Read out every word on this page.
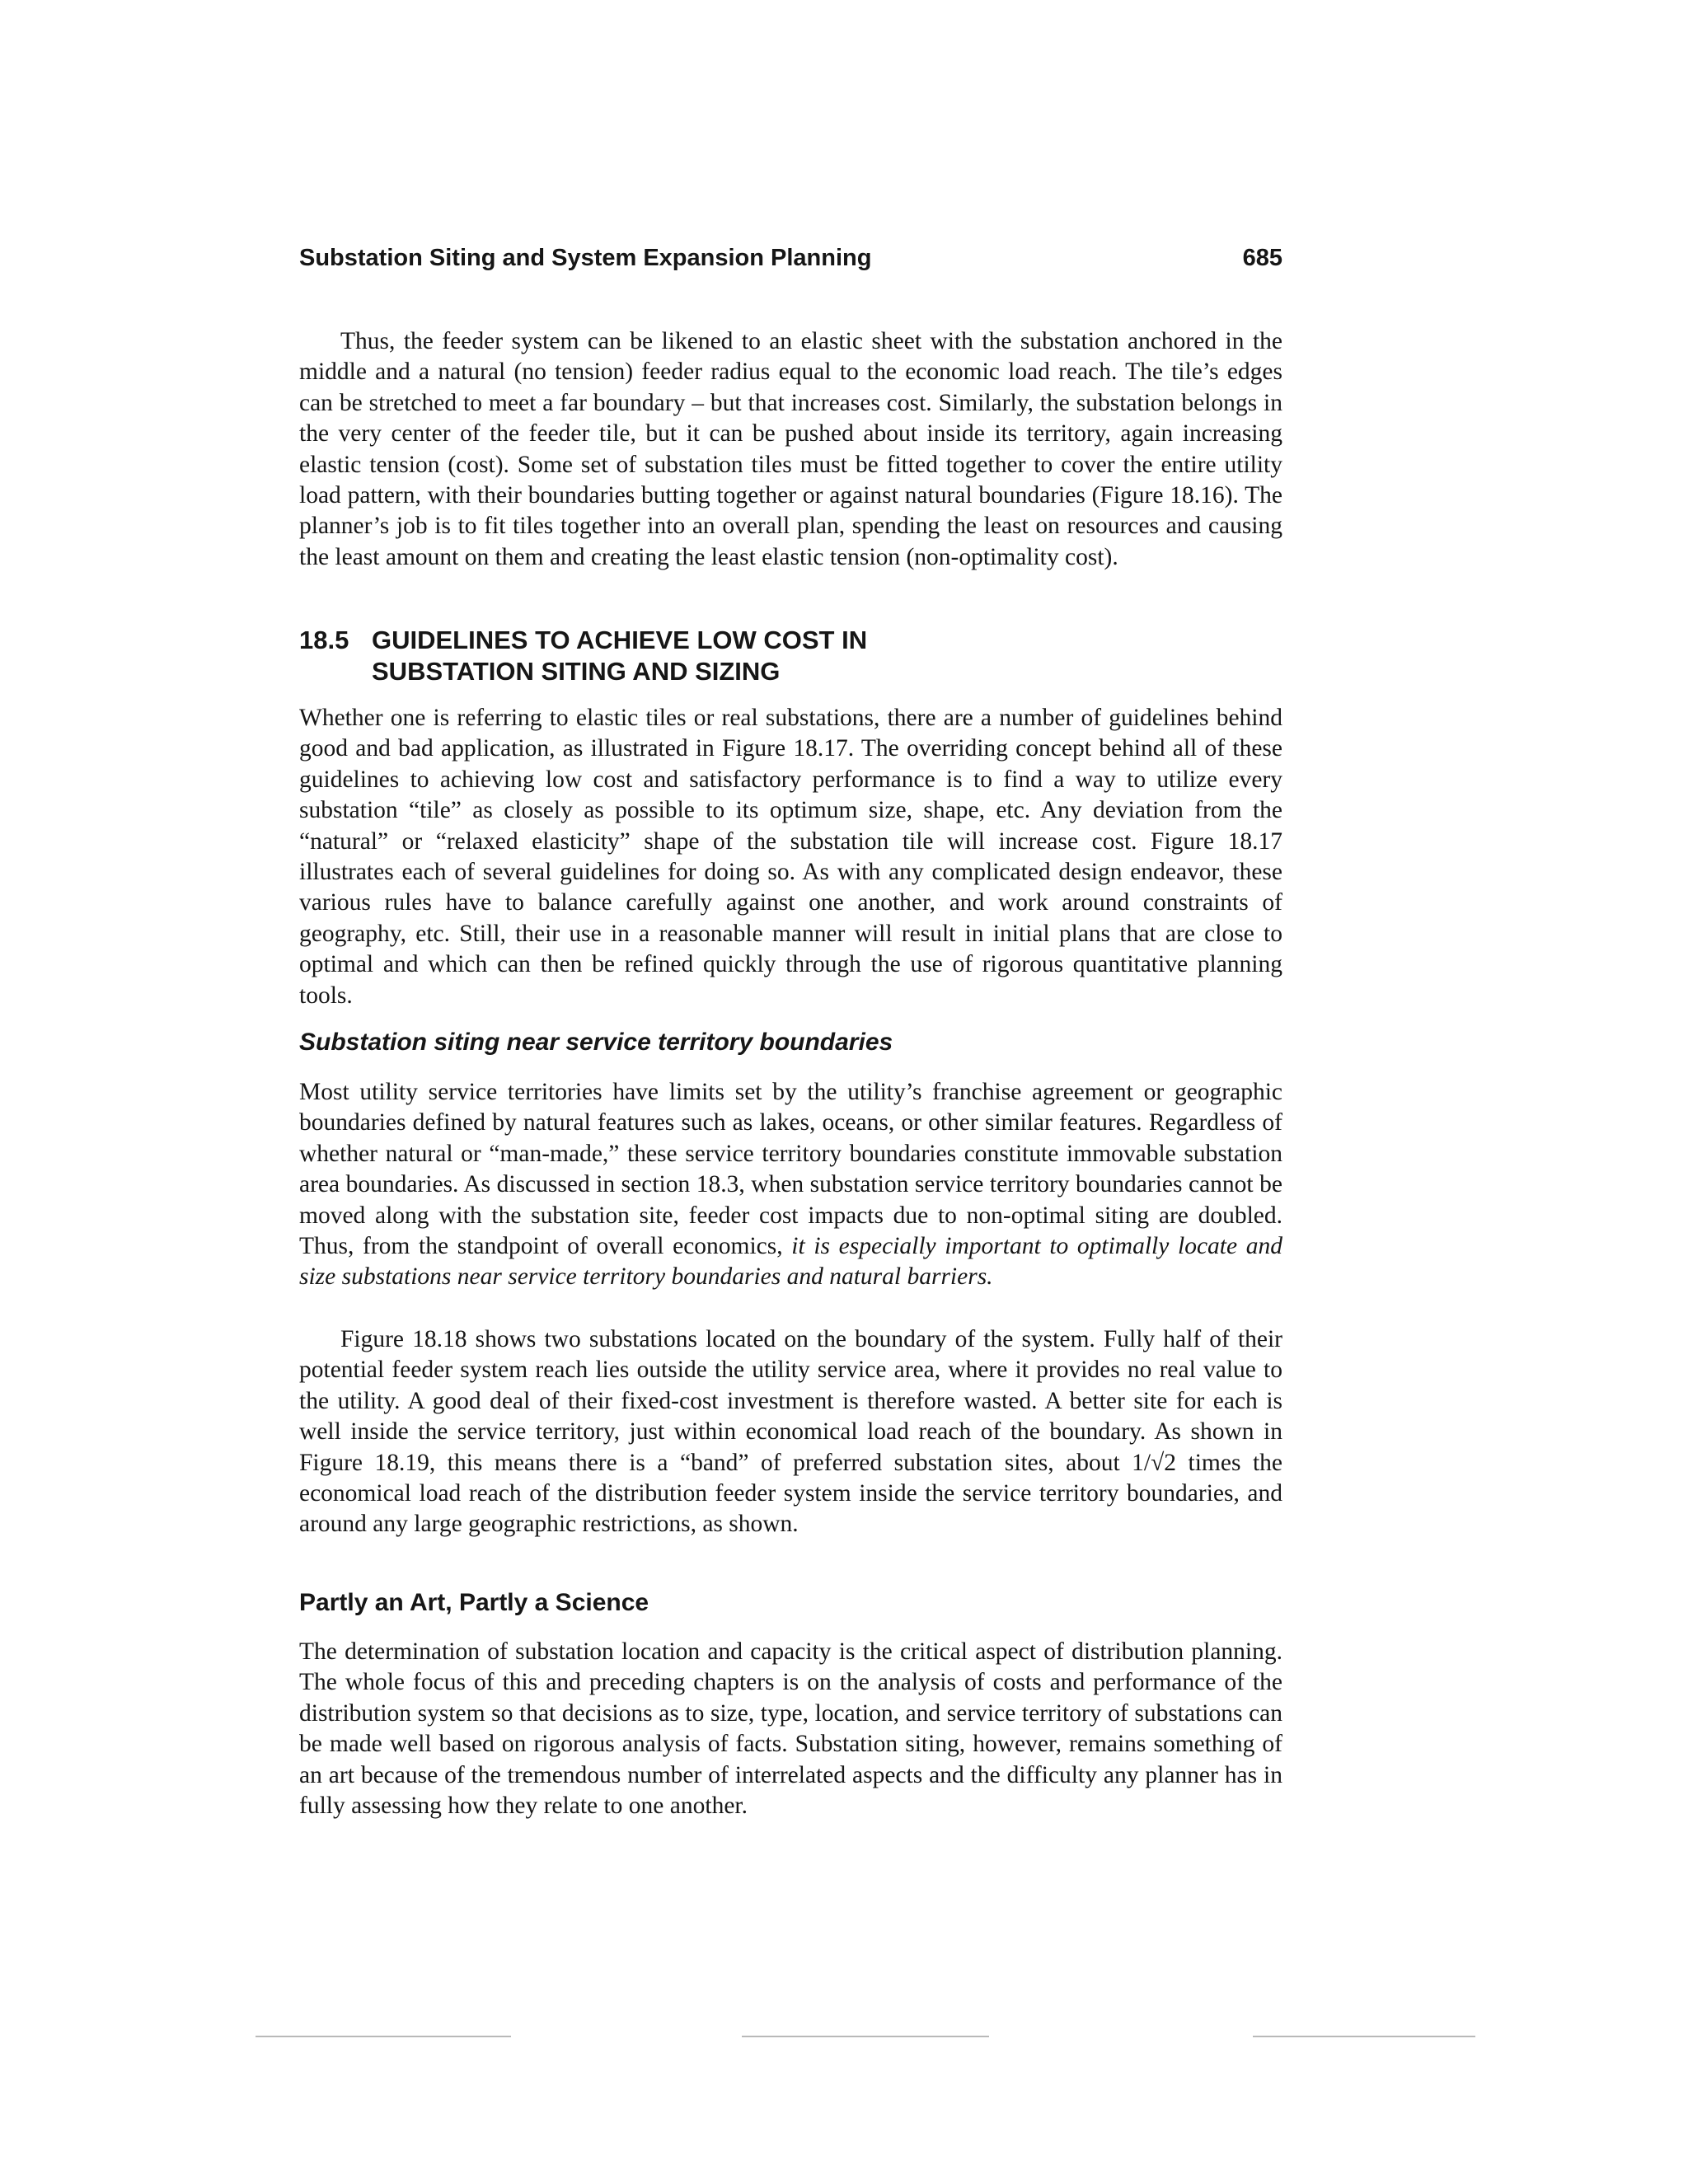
Substation Siting and System Expansion Planning	685

Thus, the feeder system can be likened to an elastic sheet with the substation anchored in the middle and a natural (no tension) feeder radius equal to the economic load reach. The tile’s edges can be stretched to meet a far boundary – but that increases cost. Similarly, the substation belongs in the very center of the feeder tile, but it can be pushed about inside its territory, again increasing elastic tension (cost). Some set of substation tiles must be fitted together to cover the entire utility load pattern, with their boundaries butting together or against natural boundaries (Figure 18.16). The planner’s job is to fit tiles together into an overall plan, spending the least on resources and causing the least amount on them and creating the least elastic tension (non-optimality cost).

18.5 GUIDELINES TO ACHIEVE LOW COST IN
SUBSTATION SITING AND SIZING

Whether one is referring to elastic tiles or real substations, there are a number of guidelines behind good and bad application, as illustrated in Figure 18.17. The overriding concept behind all of these guidelines to achieving low cost and satisfactory performance is to find a way to utilize every substation “tile” as closely as possible to its optimum size, shape, etc. Any deviation from the “natural” or “relaxed elasticity” shape of the substation tile will increase cost. Figure 18.17 illustrates each of several guidelines for doing so. As with any complicated design endeavor, these various rules have to balance carefully against one another, and work around constraints of geography, etc. Still, their use in a reasonable manner will result in initial plans that are close to optimal and which can then be refined quickly through the use of rigorous quantitative planning tools.

Substation siting near service territory boundaries

Most utility service territories have limits set by the utility’s franchise agreement or geographic boundaries defined by natural features such as lakes, oceans, or other similar features. Regardless of whether natural or “man-made,” these service territory boundaries constitute immovable substation area boundaries. As discussed in section 18.3, when substation service territory boundaries cannot be moved along with the substation site, feeder cost impacts due to non-optimal siting are doubled. Thus, from the standpoint of overall economics, it is especially important to optimally locate and size substations near service territory boundaries and natural barriers.

Figure 18.18 shows two substations located on the boundary of the system. Fully half of their potential feeder system reach lies outside the utility service area, where it provides no real value to the utility. A good deal of their fixed-cost investment is therefore wasted. A better site for each is well inside the service territory, just within economical load reach of the boundary. As shown in Figure 18.19, this means there is a “band” of preferred substation sites, about 1/√2 times the economical load reach of the distribution feeder system inside the service territory boundaries, and around any large geographic restrictions, as shown.

Partly an Art, Partly a Science

The determination of substation location and capacity is the critical aspect of distribution planning. The whole focus of this and preceding chapters is on the analysis of costs and performance of the distribution system so that decisions as to size, type, location, and service territory of substations can be made well based on rigorous analysis of facts. Substation siting, however, remains something of an art because of the tremendous number of interrelated aspects and the difficulty any planner has in fully assessing how they relate to one another.
